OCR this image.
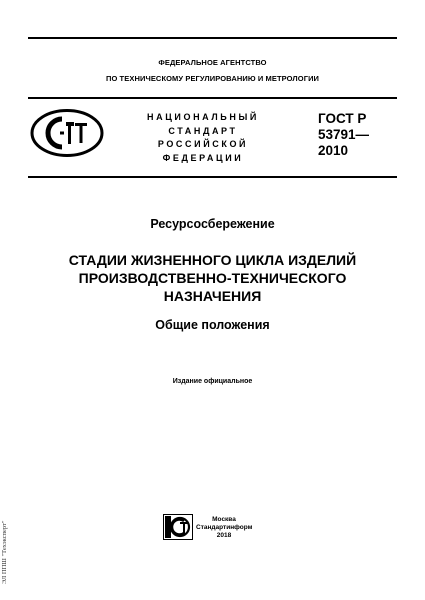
ФЕДЕРАЛЬНОЕ АГЕНТСТВО
ПО ТЕХНИЧЕСКОМУ РЕГУЛИРОВАНИЮ И МЕТРОЛОГИИ
НАЦИОНАЛЬНЫЙ
СТАНДАРТ
РОССИЙСКОЙ
ФЕДЕРАЦИИ
ГОСТ Р
53791—
2010
Ресурсосбережение
СТАДИИ ЖИЗНЕННОГО ЦИКЛА ИЗДЕЛИЙ
ПРОИЗВОДСТВЕННО-ТЕХНИЧЕСКОГО
НАЗНАЧЕНИЯ
Общие положения
Издание официальное
ЭЛ ППШ "Техэксперт"
Москва
Стандартинформ
2018
